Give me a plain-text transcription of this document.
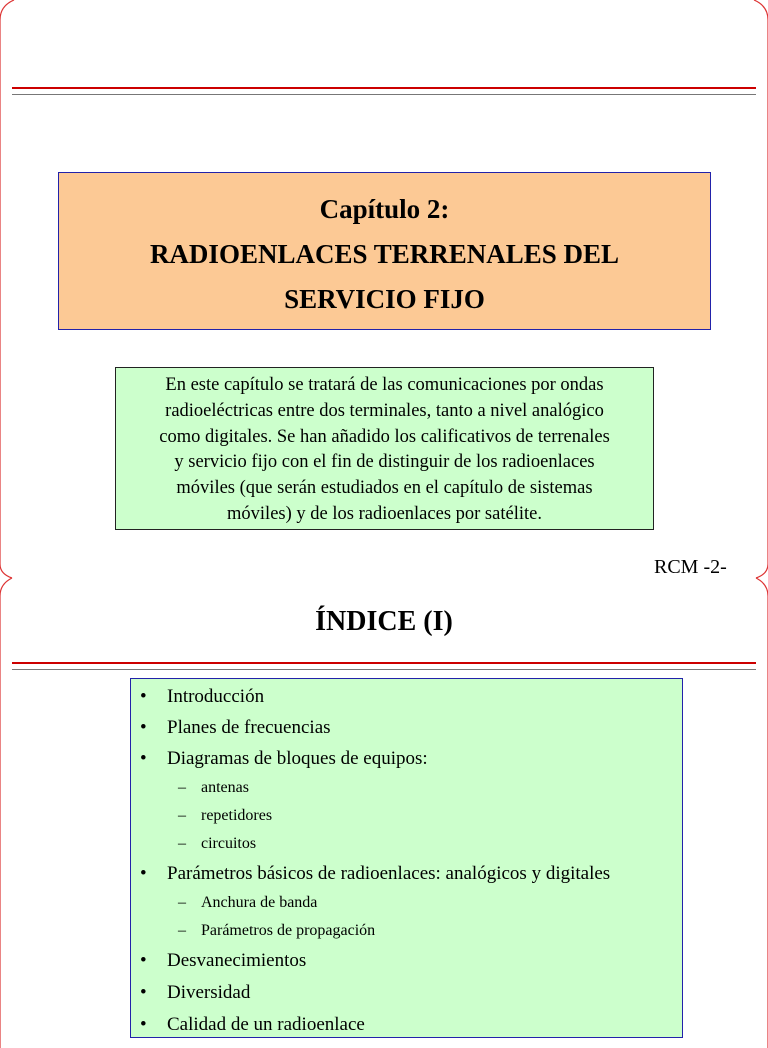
Capítulo 2:
RADIOENLACES TERRENALES DEL
SERVICIO FIJO
En este capítulo se tratará de las comunicaciones por ondas
radioeléctricas entre dos terminales, tanto a nivel analógico
como digitales. Se han añadido los calificativos de terrenales
y servicio fijo con el fin de distinguir de los radioenlaces
móviles (que serán estudiados en el capítulo de sistemas
móviles) y de los radioenlaces por satélite.
RCM -2-
ÍNDICE (I)
• Introducción
• Planes de frecuencias
• Diagramas de bloques de equipos:
– antenas
– repetidores
– circuitos
• Parámetros básicos de radioenlaces: analógicos y digitales
– Anchura de banda
– Parámetros de propagación
• Desvanecimientos
• Diversidad
• Calidad de un radioenlace
